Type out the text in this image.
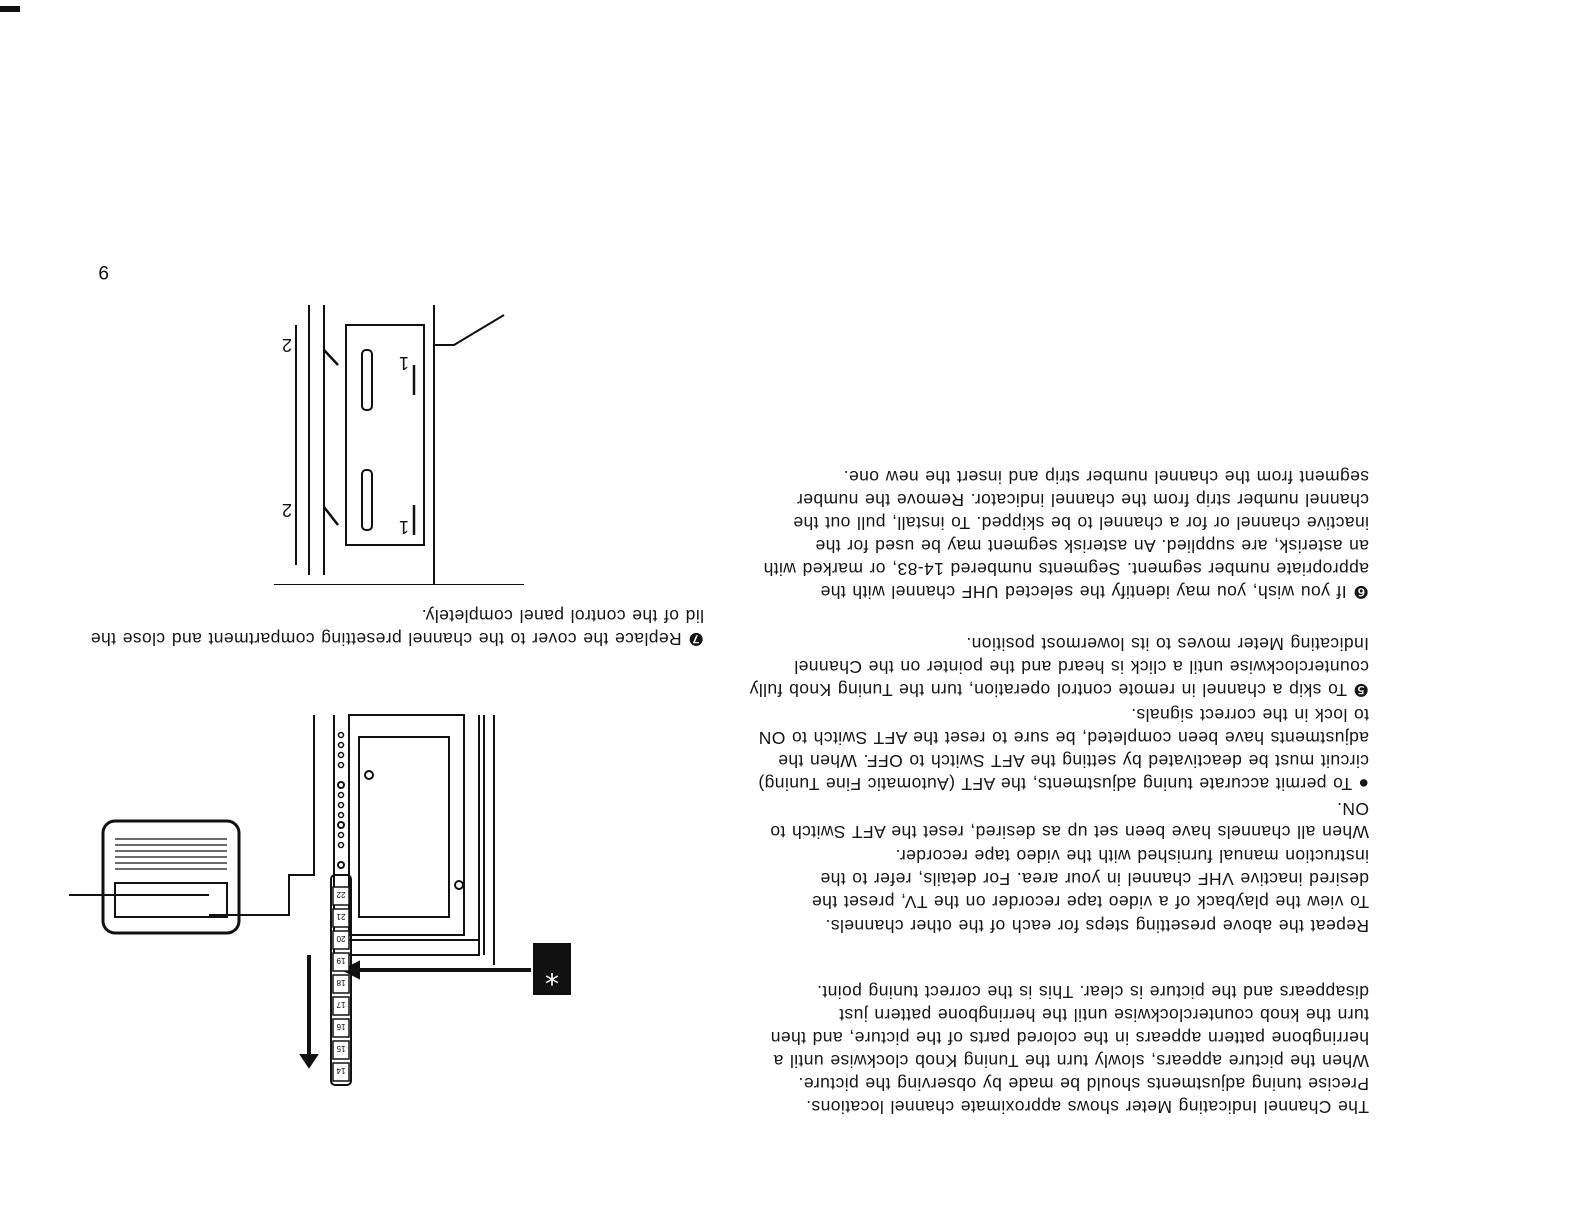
9

The Channel Indicating Meter shows approximate channel locations. Precise tuning adjustments should be made by observing the picture. When the picture appears, slowly turn the Tuning Knob clockwise until a herringbone pattern appears in the colored parts of the picture, and then turn the knob counterclockwise until the herringbone pattern just disappears and the picture is clear. This is the correct tuning point.

Repeat the above presetting steps for each of the other channels.

To view the playback of a video tape recorder on the TV, preset the desired inactive VHF channel in your area. For details, refer to the instruction manual furnished with the video tape recorder.

When all channels have been set up as desired, reset the AFT Switch to ON.

● To permit accurate tuning adjustments, the AFT (Automatic Fine Tuning) circuit must be deactivated by setting the AFT Switch to OFF. When the adjustments have been completed, be sure to reset the AFT Switch to ON to lock in the correct signals.

❺ To skip a channel in remote control operation, turn the Tuning Knob fully counterclockwise until a click is heard and the pointer on the Channel Indicating Meter moves to its lowermost position.

❻ If you wish, you may identify the selected UHF channel with the appropriate number segment. Segments numbered 14-83, or marked with an asterisk, are supplied. An asterisk segment may be used for the inactive channel or for a channel to be skipped. To install, pull out the channel number strip from the channel indicator. Remove the number segment from the channel number strip and insert the new one.

❼ Replace the cover to the channel presetting compartment and close the lid of the control panel completely.

14
15
16
17
18
19
20
21
22
*
1
2
1
2
